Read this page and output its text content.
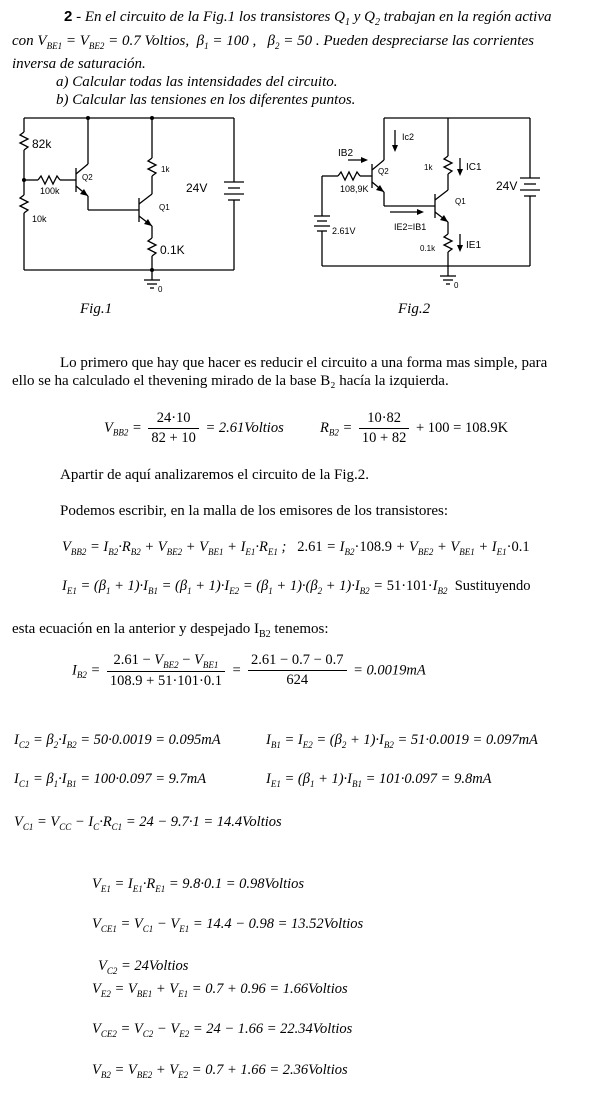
2 - En el circuito de la Fig.1 los transistores $Q_1$ y $Q_2$ trabajan en la región activa
con $V_{BE1} = V_{BE2} = 0.7$ Voltios, $\beta_1 = 100$ ,   $\beta_2 = 50$ . Pueden despreciarse las corrientes
inversa de saturación.
a) Calcular todas las intensidades del circuito.
b) Calcular las tensiones en los diferentes puntos.
82k
100k
10k
Q2
1k
Q1
24V
0.1K
0
Fig.1
IB2
Ic2
108,9K
Q2	1k	IC1
24V
Q1
IE2=IB1
2.61V
0.1k	IE1
0
Fig.2
Lo primero que hay que hacer es reducir el circuito a una forma mas simple, para
ello se ha calculado el thevening mirado de la base B₂ hacía la izquierda.
$V_{BB2} = \frac{24\cdot 10}{82 + 10}$ = 2.61Voltios	$R_{B2} = \frac{10\cdot 82}{10 + 82} + 100 = 108.9K$
Apartir de aquí analizaremos el circuito de la Fig.2.
Podemos escribir, en la malla de los emisores de los transistores:
$V_{BB2} = I_{B2}\cdot R_{B2} + V_{BE2} + V_{BE1} + I_{E1}\cdot R_{E1}$ ;   $2.61 = I_{B2}\cdot 108.9 + V_{BE2} + V_{BE1} + I_{E1}\cdot 0.1$
$I_{E1} = (\beta_1 + 1)\cdot I_{B1} = (\beta_1 + 1)\cdot I_{E2} = (\beta_1 + 1)\cdot(\beta_2 + 1)\cdot I_{B2} = 51\cdot 101\cdot I_{B2}$ Sustituyendo
esta ecuación en la anterior y despejado $I_{B2}$ tenemos:
$I_{B2} = \frac{2.61 - V_{BE2} - V_{BE1}}{108.9 + 51\cdot 101\cdot 0.1} = \frac{2.61 - 0.7 - 0.7}{624} = 0.0019mA$
$I_{C2} = \beta_2\cdot I_{B2} = 50\cdot 0.0019 = 0.095mA$	$I_{B1} = I_{E2} = (\beta_2 + 1)\cdot I_{B2} = 51\cdot 0.0019 = 0.097mA$
$I_{C1} = \beta_1\cdot I_{B1} = 100\cdot 0.097 = 9.7mA$	$I_{E1} = (\beta_1 + 1)\cdot I_{B1} = 101\cdot 0.097 = 9.8mA$
$V_{C1} = V_{CC} - I_C\cdot R_{C1} = 24 - 9.7\cdot 1$ = 14.4Voltios
$V_{E1} = I_{E1}\cdot R_{E1} = 9.8\cdot 0.1$ = 0.98Voltios
$V_{CE1} = V_{C1} - V_{E1} = 14.4 - 0.98$ = 13.52Voltios
$V_{C2}$ = 24Voltios
$V_{E2} = V_{BE1} + V_{E1} = 0.7 + 0.96$ = 1.66Voltios
$V_{CE2} = V_{C2} - V_{E2} = 24 - 1.66$ = 22.34Voltios
$V_{B2} = V_{BE2} + V_{E2} = 0.7 + 1.66$ = 2.36Voltios
